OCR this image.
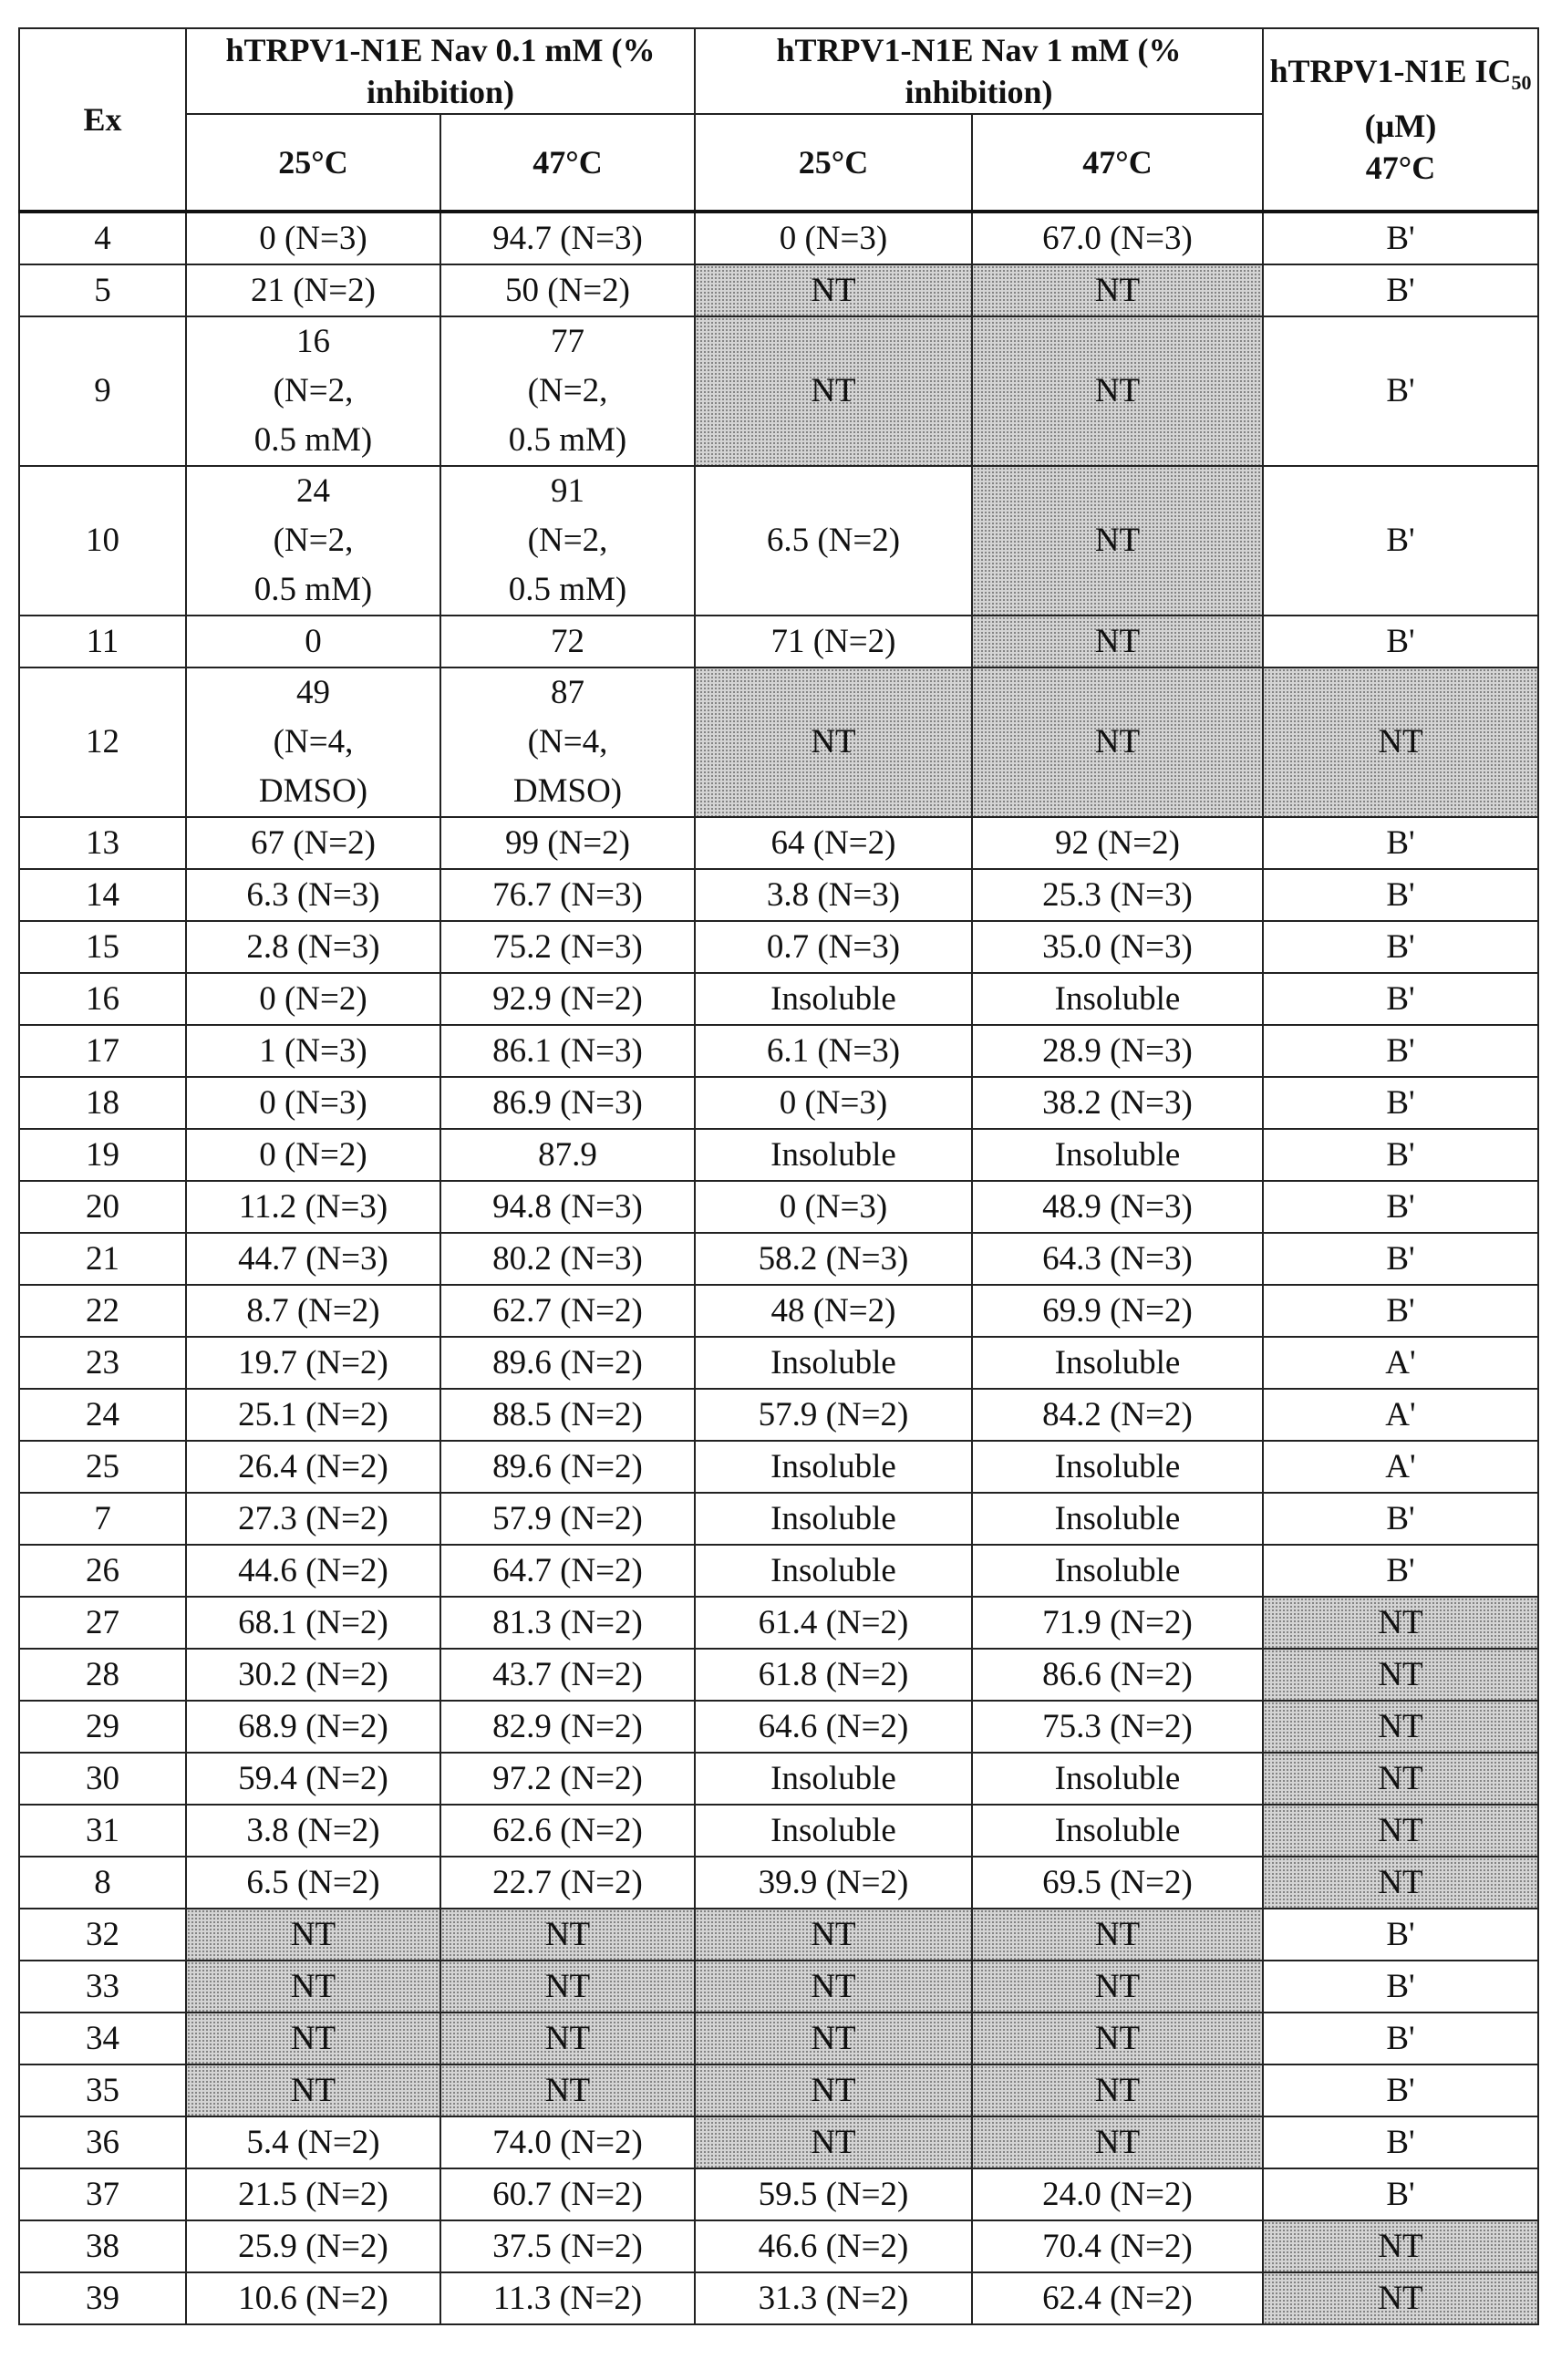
Ex	hTRPV1-N1E Nav 0.1 mM (% inhibition)	hTRPV1-N1E Nav 1 mM (% inhibition)	hTRPV1-N1E IC50
(µM)
47°C
25°C	47°C	25°C	47°C
4	0 (N=3)	94.7 (N=3)	0 (N=3)	67.0 (N=3)	B'
5	21 (N=2)	50 (N=2)	NT	NT	B'
9	16
(N=2,
0.5 mM)	77
(N=2,
0.5 mM)	NT	NT	B'
10	24
(N=2,
0.5 mM)	91
(N=2,
0.5 mM)	6.5 (N=2)	NT	B'
11	0	72	71 (N=2)	NT	B'
12	49
(N=4,
DMSO)	87
(N=4,
DMSO)	NT	NT	NT
13	67 (N=2)	99 (N=2)	64 (N=2)	92 (N=2)	B'
14	6.3 (N=3)	76.7 (N=3)	3.8 (N=3)	25.3 (N=3)	B'
15	2.8 (N=3)	75.2 (N=3)	0.7 (N=3)	35.0 (N=3)	B'
16	0 (N=2)	92.9 (N=2)	Insoluble	Insoluble	B'
17	1 (N=3)	86.1 (N=3)	6.1 (N=3)	28.9 (N=3)	B'
18	0 (N=3)	86.9 (N=3)	0 (N=3)	38.2 (N=3)	B'
19	0 (N=2)	87.9	Insoluble	Insoluble	B'
20	11.2 (N=3)	94.8 (N=3)	0 (N=3)	48.9 (N=3)	B'
21	44.7 (N=3)	80.2 (N=3)	58.2 (N=3)	64.3 (N=3)	B'
22	8.7 (N=2)	62.7 (N=2)	48 (N=2)	69.9 (N=2)	B'
23	19.7 (N=2)	89.6 (N=2)	Insoluble	Insoluble	A'
24	25.1 (N=2)	88.5 (N=2)	57.9 (N=2)	84.2 (N=2)	A'
25	26.4 (N=2)	89.6 (N=2)	Insoluble	Insoluble	A'
7	27.3 (N=2)	57.9 (N=2)	Insoluble	Insoluble	B'
26	44.6 (N=2)	64.7 (N=2)	Insoluble	Insoluble	B'
27	68.1 (N=2)	81.3 (N=2)	61.4 (N=2)	71.9 (N=2)	NT
28	30.2 (N=2)	43.7 (N=2)	61.8 (N=2)	86.6 (N=2)	NT
29	68.9 (N=2)	82.9 (N=2)	64.6 (N=2)	75.3 (N=2)	NT
30	59.4 (N=2)	97.2 (N=2)	Insoluble	Insoluble	NT
31	3.8 (N=2)	62.6 (N=2)	Insoluble	Insoluble	NT
8	6.5 (N=2)	22.7 (N=2)	39.9 (N=2)	69.5 (N=2)	NT
32	NT	NT	NT	NT	B'
33	NT	NT	NT	NT	B'
34	NT	NT	NT	NT	B'
35	NT	NT	NT	NT	B'
36	5.4 (N=2)	74.0 (N=2)	NT	NT	B'
37	21.5 (N=2)	60.7 (N=2)	59.5 (N=2)	24.0 (N=2)	B'
38	25.9 (N=2)	37.5 (N=2)	46.6 (N=2)	70.4 (N=2)	NT
39	10.6 (N=2)	11.3 (N=2)	31.3 (N=2)	62.4 (N=2)	NT
